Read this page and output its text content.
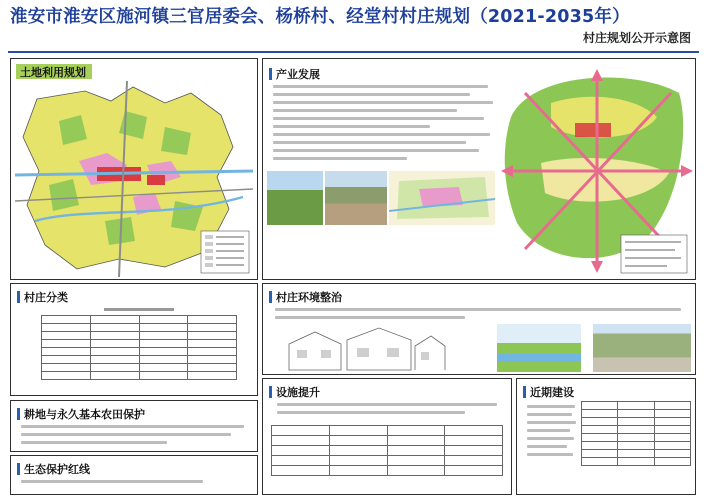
淮安市淮安区施河镇三官居委会、杨桥村、经堂村村庄规划（2021-2035年）
村庄规划公开示意图
土地利用规划	产业发展
村庄分类

耕地与永久基本农田保护
生态保护红线
村庄环境整治
设施提升

				近期建设
